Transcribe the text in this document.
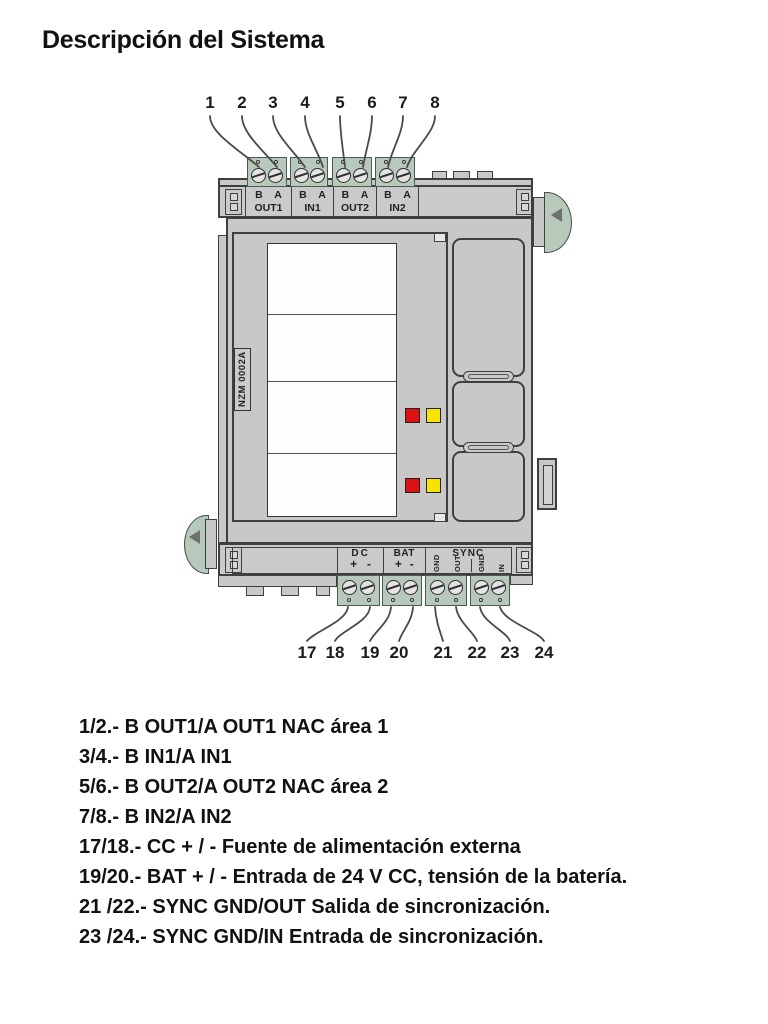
Descripción del Sistema
1	2	3	4	5	6	7	8
B A
OUT1
B A
IN1
B A
OUT2
B A
IN2
NZM 0002A
DC
+ -
BAT
+ -
SYNC
GND OUT GND IN
17 18 19 20 21 22 23 24
1/2.- B OUT1/A OUT1 NAC área 1
3/4.- B IN1/A IN1
5/6.- B OUT2/A OUT2 NAC área 2
7/8.- B IN2/A IN2
17/18.- CC + / - Fuente de alimentación externa
19/20.- BAT + / - Entrada de 24 V CC, tensión de la batería.
21 /22.- SYNC GND/OUT Salida de sincronización.
23 /24.- SYNC GND/IN Entrada de sincronización.
